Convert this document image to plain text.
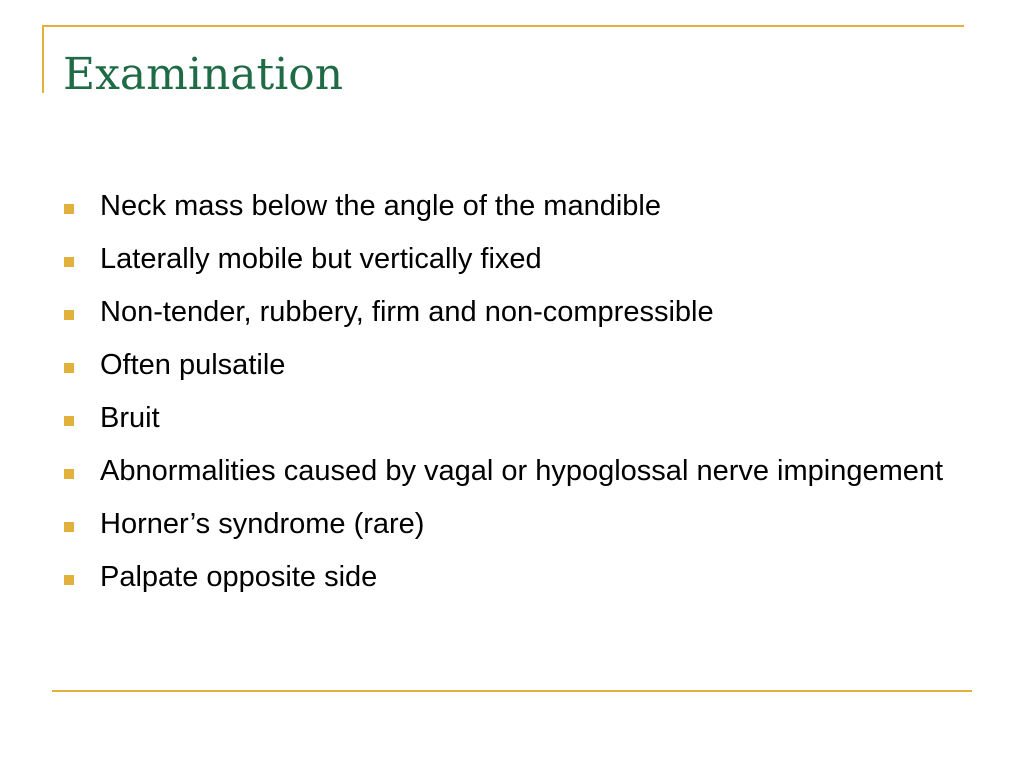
Examination
Neck mass below the angle of the mandible
Laterally mobile but vertically fixed
Non-tender, rubbery, firm and non-compressible
Often pulsatile
Bruit
Abnormalities caused by vagal or hypoglossal nerve impingement
Horner’s syndrome (rare)
Palpate opposite side
